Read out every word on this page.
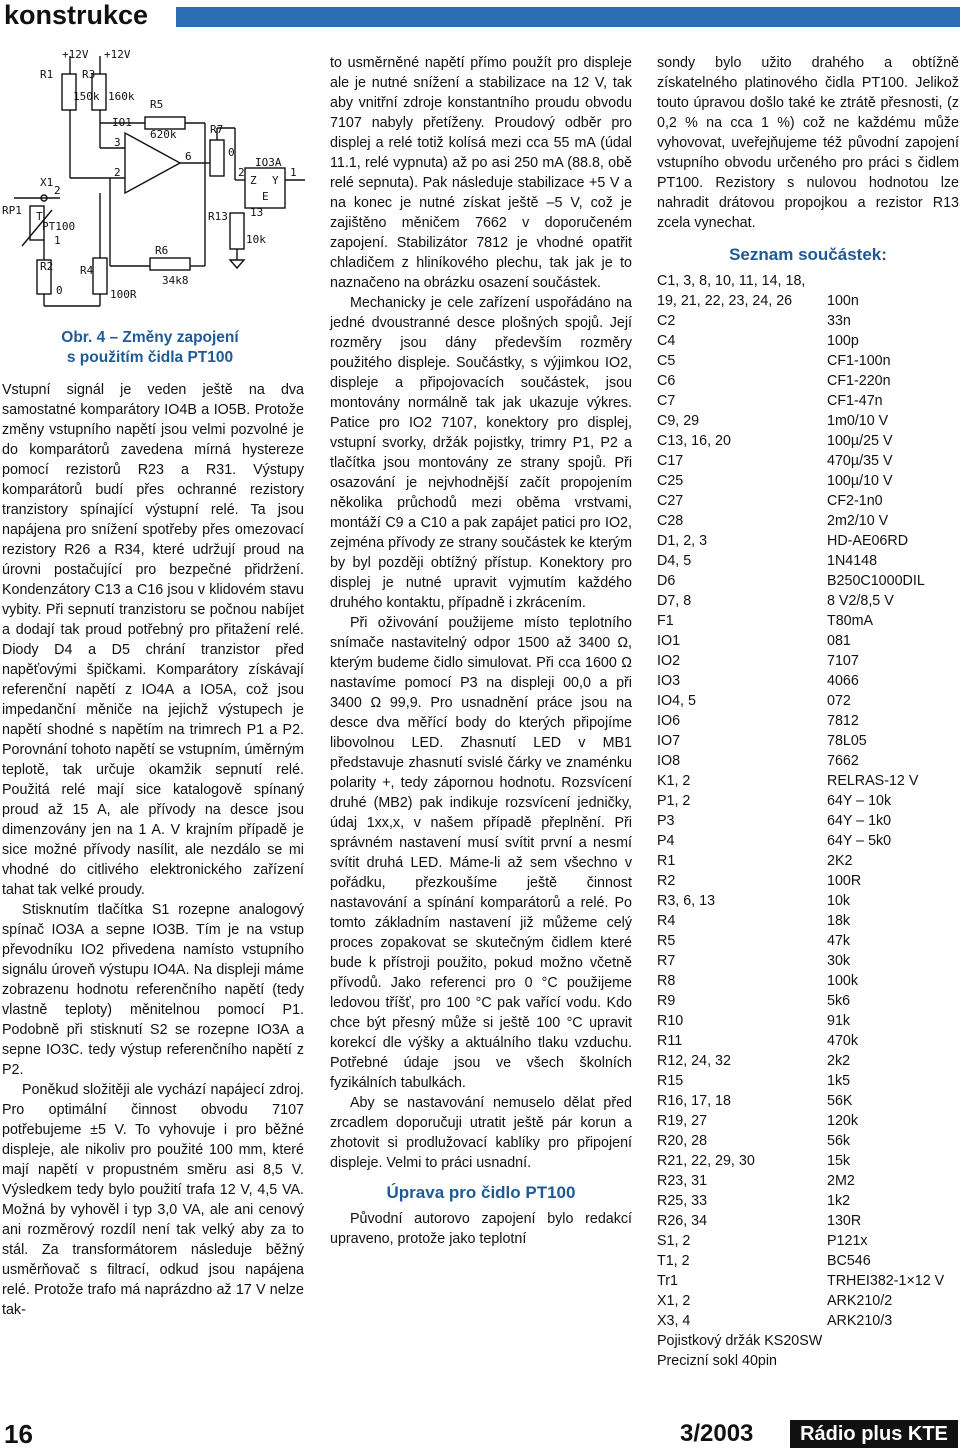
konstrukce
+12V +12V
R1	R3
150k 160k
R5
620k	R7
0
IO1
IO3A
3
2
6
2	1
13
Z Y
E
R13
10k
X1
2
1
PT100
T
RP1
R2
0
R4
100R
R6
34k8
Obr. 4 – Změny zapojení
s použitím čidla PT100

Vstupní signál je veden ještě na dva samostatné komparátory IO4B a IO5B. Protože změny vstupního napětí jsou velmi pozvolné je do komparátorů zavedena mírná hystereze pomocí rezistorů R23 a R31. Výstupy komparátorů budí přes ochranné rezistory tranzistory spínající výstupní relé. Ta jsou napájena pro snížení spotřeby přes omezovací rezistory R26 a R34, které udržují proud na úrovni postačující pro bezpečné přidržení. Kondenzátory C13 a C16 jsou v klidovém stavu vybity. Při sepnutí tranzistoru se počnou nabíjet a dodají tak proud potřebný pro přitažení relé. Diody D4 a D5 chrání tranzistor před napěťovými špičkami. Komparátory získávají referenční napětí z IO4A a IO5A, což jsou impedanční měniče na jejichž výstupech je napětí shodné s napětím na trimrech P1 a P2. Porovnání tohoto napětí se vstupním, úměrným teplotě, tak určuje okamžik sepnutí relé. Použitá relé mají sice katalogově spínaný proud až 15 A, ale přívody na desce jsou dimenzovány jen na 1 A. V krajním případě je sice možné přívody nasílit, ale nezdálo se mi vhodné do citlivého elektronického zařízení tahat tak velké proudy.

Stisknutím tlačítka S1 rozepne analogový spínač IO3A a sepne IO3B. Tím je na vstup převodníku IO2 přivedena namísto vstupního signálu úroveň výstupu IO4A. Na displeji máme zobrazenu hodnotu referenčního napětí (tedy vlastně teploty) měnitelnou pomocí P1. Podobně při stisknutí S2 se rozepne IO3A a sepne IO3C. tedy výstup referenčního napětí z P2.

Poněkud složitěji ale vychází napájecí zdroj. Pro optimální činnost obvodu 7107 potřebujeme ±5 V. To vyhovuje i pro běžné displeje, ale nikoliv pro použité 100 mm, které mají napětí v propustném směru asi 8,5 V. Výsledkem tedy bylo použití trafa 12 V, 4,5 VA. Možná by vyhověl i typ 3,0 VA, ale ani cenový ani rozměrový rozdíl není tak velký aby za to stál. Za transformátorem následuje běžný usměrňovač s filtrací, odkud jsou napájena relé. Protože trafo má naprázdno až 17 V nelze tak-

to usměrněné napětí přímo použít pro displeje ale je nutné snížení a stabilizace na 12 V, tak aby vnitřní zdroje konstantního proudu obvodu 7107 nabyly přetíženy. Proudový odběr pro displej a relé totiž kolísá mezi cca 55 mA (údal 11.1, relé vypnuta) až po asi 250 mA (88.8, obě relé sepnuta). Pak následuje stabilizace +5 V a na konec je nutné získat ještě –5 V, což je zajištěno měničem 7662 v doporučeném zapojení. Stabilizátor 7812 je vhodné opatřit chladičem z hliníkového plechu, tak jak je to naznačeno na obrázku osazení součástek.

Mechanicky je cele zařízení uspořádáno na jedné dvoustranné desce plošných spojů. Její rozměry jsou dány především rozměry použitého displeje. Součástky, s výjimkou IO2, displeje a připojovacích součástek, jsou montovány normálně tak jak ukazuje výkres. Patice pro IO2 7107, konektory pro displej, vstupní svorky, držák pojistky, trimry P1, P2 a tlačítka jsou montovány ze strany spojů. Při osazování je nejvhodnější začít propojením několika průchodů mezi oběma vrstvami, montáží C9 a C10 a pak zapájet patici pro IO2, zejména přívody ze strany součástek ke kterým by byl později obtížný přístup. Konektory pro displej je nutné upravit vyjmutím každého druhého kontaktu, případně i zkrácením.

Při oživování použijeme místo teplotního snímače nastavitelný odpor 1500 až 3400 Ω, kterým budeme čidlo simulovat. Při cca 1600 Ω nastavíme pomocí P3 na displeji 00,0 a při 3400 Ω 99,9. Pro usnadnění práce jsou na desce dva měřící body do kterých připojíme libovolnou LED. Zhasnutí LED v MB1 představuje zhasnutí svislé čárky ve znaménku polarity +, tedy zápornou hodnotu. Rozsvícení druhé (MB2) pak indikuje rozsvícení jedničky, údaj 1xx,x, v našem případě přeplnění. Při správném nastavení musí svítit první a nesmí svítit druhá LED. Máme-li až sem všechno v pořádku, přezkoušíme ještě činnost nastavování a spínání komparátorů a relé. Po tomto základním nastavení již můžeme celý proces zopakovat se skutečným čidlem které bude k přístroji použito, pokud možno včetně přívodů. Jako referenci pro 0 °C použijeme ledovou tříšť, pro 100 °C pak vařící vodu. Kdo chce být přesný může si ještě 100 °C upravit korekcí dle výšky a aktuálního tlaku vzduchu. Potřebné údaje jsou ve všech školních fyzikálních tabulkách.

Aby se nastavování nemuselo dělat před zrcadlem doporučuji utratit ještě pár korun a zhotovit si prodlužovací kablíky pro připojení displeje. Velmi to práci usnadní.

Úprava pro čidlo PT100

Původní autorovo zapojení bylo redakcí upraveno, protože jako teplotní

sondy bylo užito drahého a obtížně získatelného platinového čidla PT100. Jelikož touto úpravou došlo také ke ztrátě přesnosti, (z 0,2 % na cca 1 %) což ne každému může vyhovovat, uveřejňujeme též původní zapojení vstupního obvodu určeného pro práci s čidlem PT100. Rezistory s nulovou hodnotou lze nahradit drátovou propojkou a rezistor R13 zcela vynechat.

Seznam součástek:
C1, 3, 8, 10, 11, 14, 18,	
19, 21, 22, 23, 24, 26	100n
C2	33n
C4	100p
C5	CF1-100n
C6	CF1-220n
C7	CF1-47n
C9, 29	1m0/10 V
C13, 16, 20	100µ/25 V
C17	470µ/35 V
C25	100µ/10 V
C27	CF2-1n0
C28	2m2/10 V
D1, 2, 3	HD-AE06RD
D4, 5	1N4148
D6	B250C1000DIL
D7, 8	8 V2/8,5 V
F1	T80mA
IO1	081
IO2	7107
IO3	4066
IO4, 5	072
IO6	7812
IO7	78L05
IO8	7662
K1, 2	RELRAS-12 V
P1, 2	64Y – 10k
P3	64Y – 1k0
P4	64Y – 5k0
R1	2K2
R2	100R
R3, 6, 13	10k
R4	18k
R5	47k
R7	30k
R8	100k
R9	5k6
R10	91k
R11	470k
R12, 24, 32	2k2
R15	1k5
R16, 17, 18	56K
R19, 27	120k
R20, 28	56k
R21, 22, 29, 30	15k
R23, 31	2M2
R25, 33	1k2
R26, 34	130R
S1, 2	P121x
T1, 2	BC546
Tr1	TRHEI382-1×12 V
X1, 2	ARK210/2
X3, 4	ARK210/3
Pojistkový držák KS20SW
Precizní sokl 40pin
16	3/2003	Rádio plus KTE
